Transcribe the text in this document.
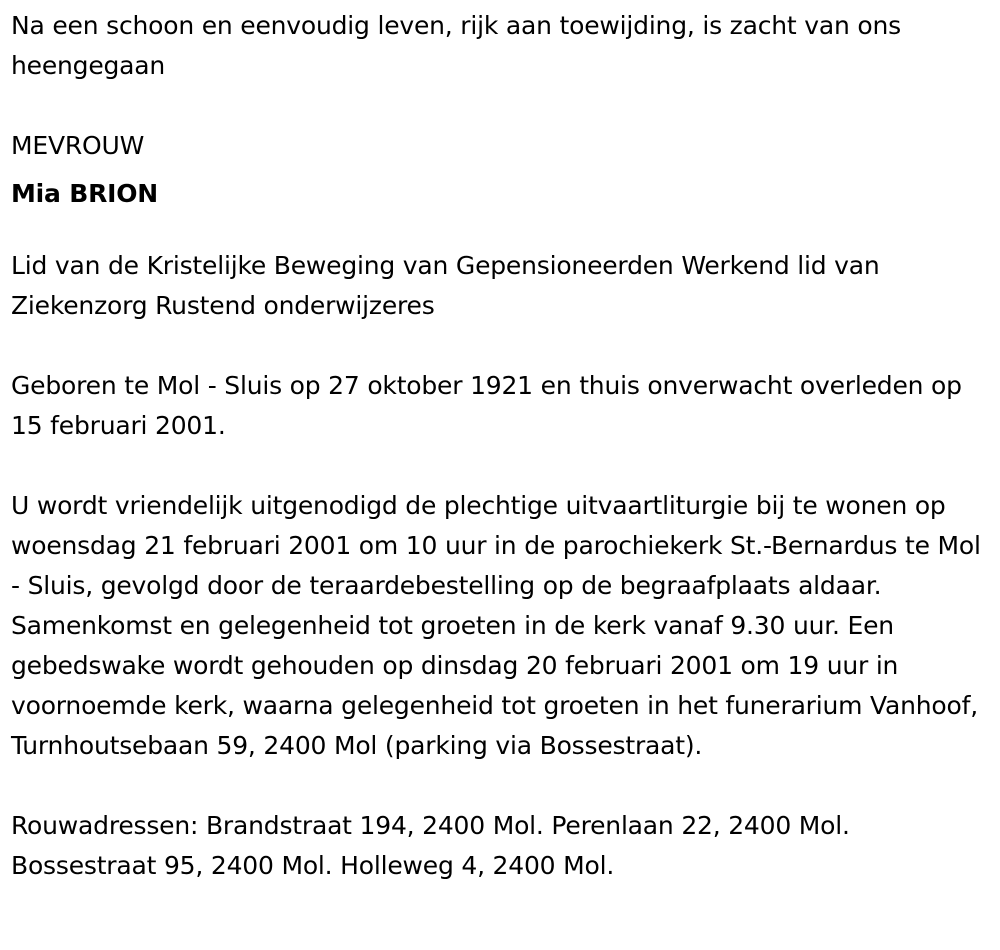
Na een schoon en eenvoudig leven, rijk aan toewijding, is zacht van ons heengegaan

MEVROUW

Mia BRION

Lid van de Kristelijke Beweging van Gepensioneerden Werkend lid van Ziekenzorg Rustend onderwijzeres

Geboren te Mol - Sluis op 27 oktober 1921 en thuis onverwacht overleden op 15 februari 2001.

U wordt vriendelijk uitgenodigd de plechtige uitvaartliturgie bij te wonen op woensdag 21 februari 2001 om 10 uur in de parochiekerk St.-Bernardus te Mol - Sluis, gevolgd door de teraardebestelling op de begraafplaats aldaar. Samenkomst en gelegenheid tot groeten in de kerk vanaf 9.30 uur. Een gebedswake wordt gehouden op dinsdag 20 februari 2001 om 19 uur in voornoemde kerk, waarna gelegenheid tot groeten in het funerarium Vanhoof, Turnhoutsebaan 59, 2400 Mol (parking via Bossestraat).

Rouwadressen: Brandstraat 194, 2400 Mol. Perenlaan 22, 2400 Mol. Bossestraat 95, 2400 Mol. Holleweg 4, 2400 Mol.
